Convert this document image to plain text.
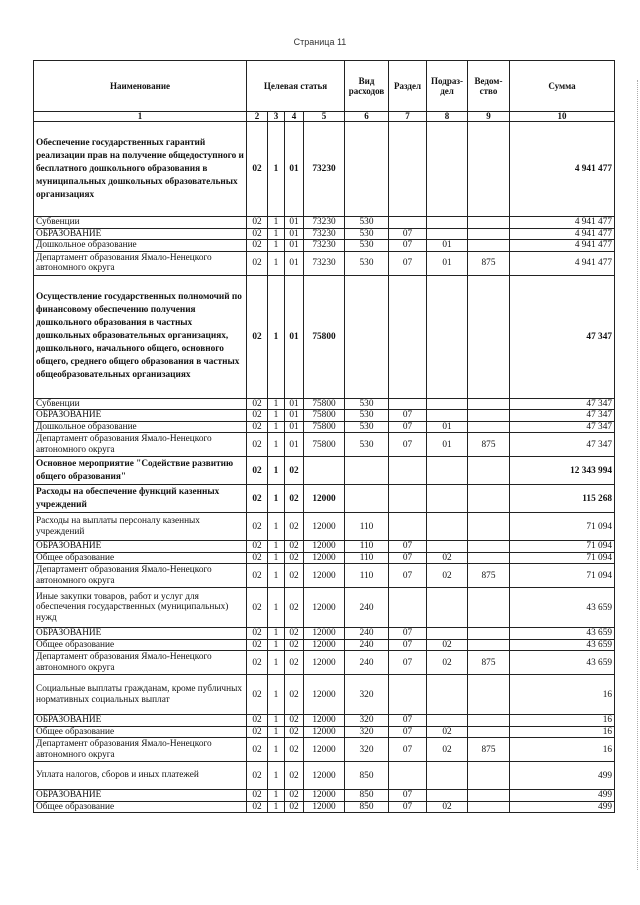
Страница 11
Наименование	Целевая статья				Вид расходов	Раздел	Подраз-дел	Ведом-ство	Сумма
1	2	3	4	5	6	7	8	9	10
Обеспечение государственных гарантий реализации прав на получение общедоступного и бесплатного дошкольного образования в муниципальных дошкольных образовательных организациях	02	1	01	73230					4 941 477
Субвенции	02	1	01	73230	530				4 941 477
ОБРАЗОВАНИЕ	02	1	01	73230	530	07			4 941 477
Дошкольное образование	02	1	01	73230	530	07	01		4 941 477
Департамент образования Ямало-Ненецкого автономного округа	02	1	01	73230	530	07	01	875	4 941 477
Осуществление государственных полномочий по финансовому обеспечению получения дошкольного образования в частных дошкольных образовательных организациях, дошкольного, начального общего, основного общего, среднего общего образования в частных общеобразовательных организациях	02	1	01	75800					47 347
Субвенции	02	1	01	75800	530				47 347
ОБРАЗОВАНИЕ	02	1	01	75800	530	07			47 347
Дошкольное образование	02	1	01	75800	530	07	01		47 347
Департамент образования Ямало-Ненецкого автономного округа	02	1	01	75800	530	07	01	875	47 347
Основное мероприятие "Содействие развитию общего образования"	02	1	02						12 343 994
Расходы на обеспечение функций казенных учреждений	02	1	02	12000					115 268
Расходы на выплаты персоналу казенных учреждений	02	1	02	12000	110				71 094
ОБРАЗОВАНИЕ	02	1	02	12000	110	07			71 094
Общее образование	02	1	02	12000	110	07	02		71 094
Департамент образования Ямало-Ненецкого автономного округа	02	1	02	12000	110	07	02	875	71 094
Иные закупки товаров, работ и услуг для обеспечения государственных (муниципальных) нужд	02	1	02	12000	240				43 659
ОБРАЗОВАНИЕ	02	1	02	12000	240	07			43 659
Общее образование	02	1	02	12000	240	07	02		43 659
Департамент образования Ямало-Ненецкого автономного округа	02	1	02	12000	240	07	02	875	43 659
Социальные выплаты гражданам, кроме публичных нормативных социальных выплат	02	1	02	12000	320				16
ОБРАЗОВАНИЕ	02	1	02	12000	320	07			16
Общее образование	02	1	02	12000	320	07	02		16
Департамент образования Ямало-Ненецкого автономного округа	02	1	02	12000	320	07	02	875	16
Уплата налогов, сборов и иных платежей	02	1	02	12000	850				499
ОБРАЗОВАНИЕ	02	1	02	12000	850	07			499
Общее образование	02	1	02	12000	850	07	02		499
